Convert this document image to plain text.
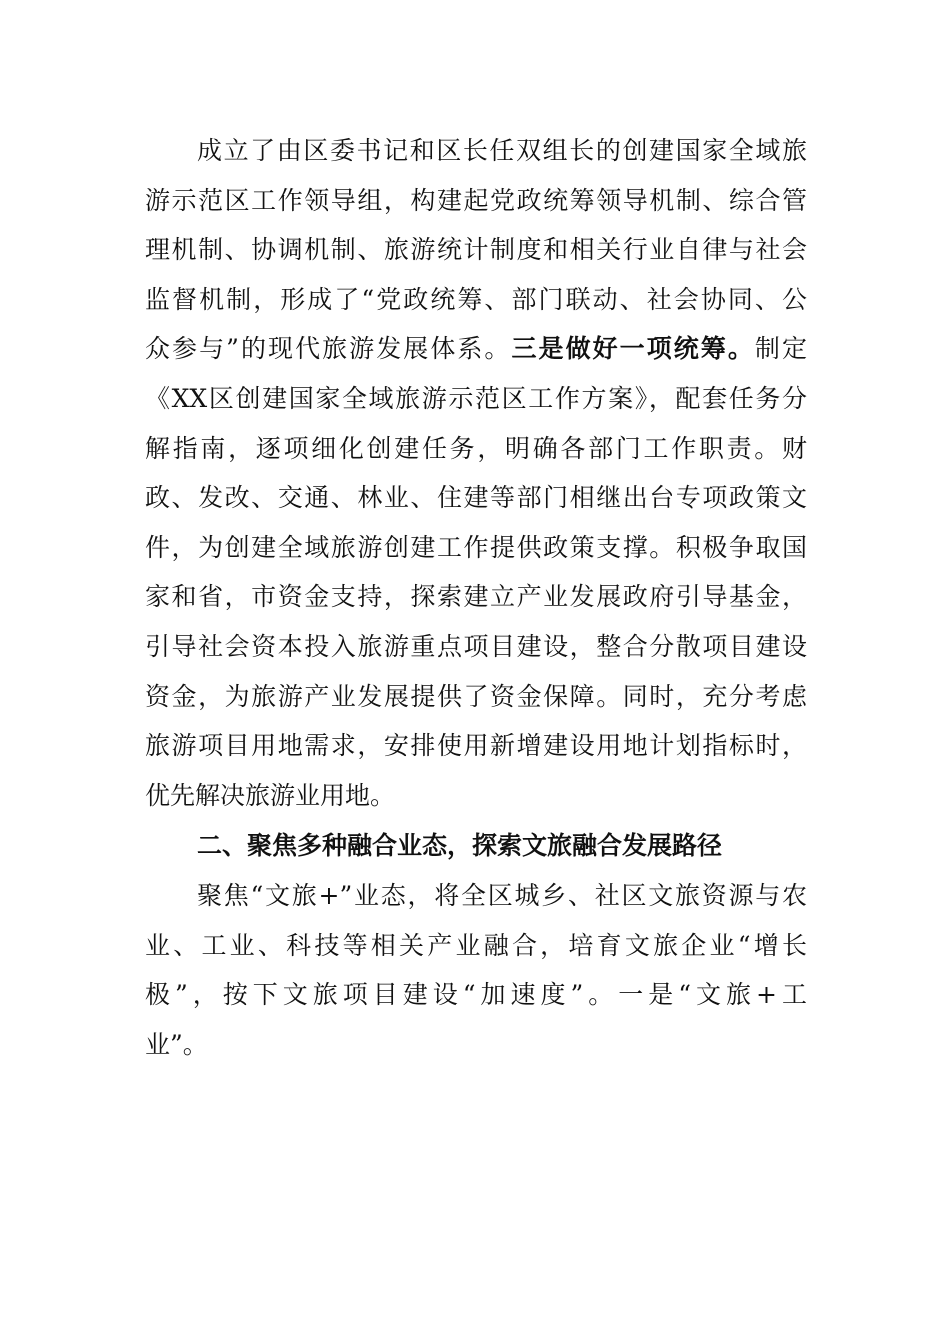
成立了由区委书记和区长任双组长的创建国家全域旅
游示范区工作领导组，构建起党政统筹领导机制、综合管
理机制、协调机制、旅游统计制度和相关行业自律与社会
监督机制，形成了“党政统筹、部门联动、社会协同、公
众参与”的现代旅游发展体系。三是做好一项统筹。制定
《XX区创建国家全域旅游示范区工作方案》，配套任务分
解指南，逐项细化创建任务，明确各部门工作职责。财
政、发改、交通、林业、住建等部门相继出台专项政策文
件，为创建全域旅游创建工作提供政策支撑。积极争取国
家和省，市资金支持，探索建立产业发展政府引导基金，
引导社会资本投入旅游重点项目建设，整合分散项目建设
资金，为旅游产业发展提供了资金保障。同时，充分考虑
旅游项目用地需求，安排使用新增建设用地计划指标时，
优先解决旅游业用地。
二、聚焦多种融合业态，探索文旅融合发展路径
聚焦“文旅+”业态，将全区城乡、社区文旅资源与农
业、工业、科技等相关产业融合，培育文旅企业“增长
极”，按下文旅项目建设“加速度”。一是“文旅+工
业”。
